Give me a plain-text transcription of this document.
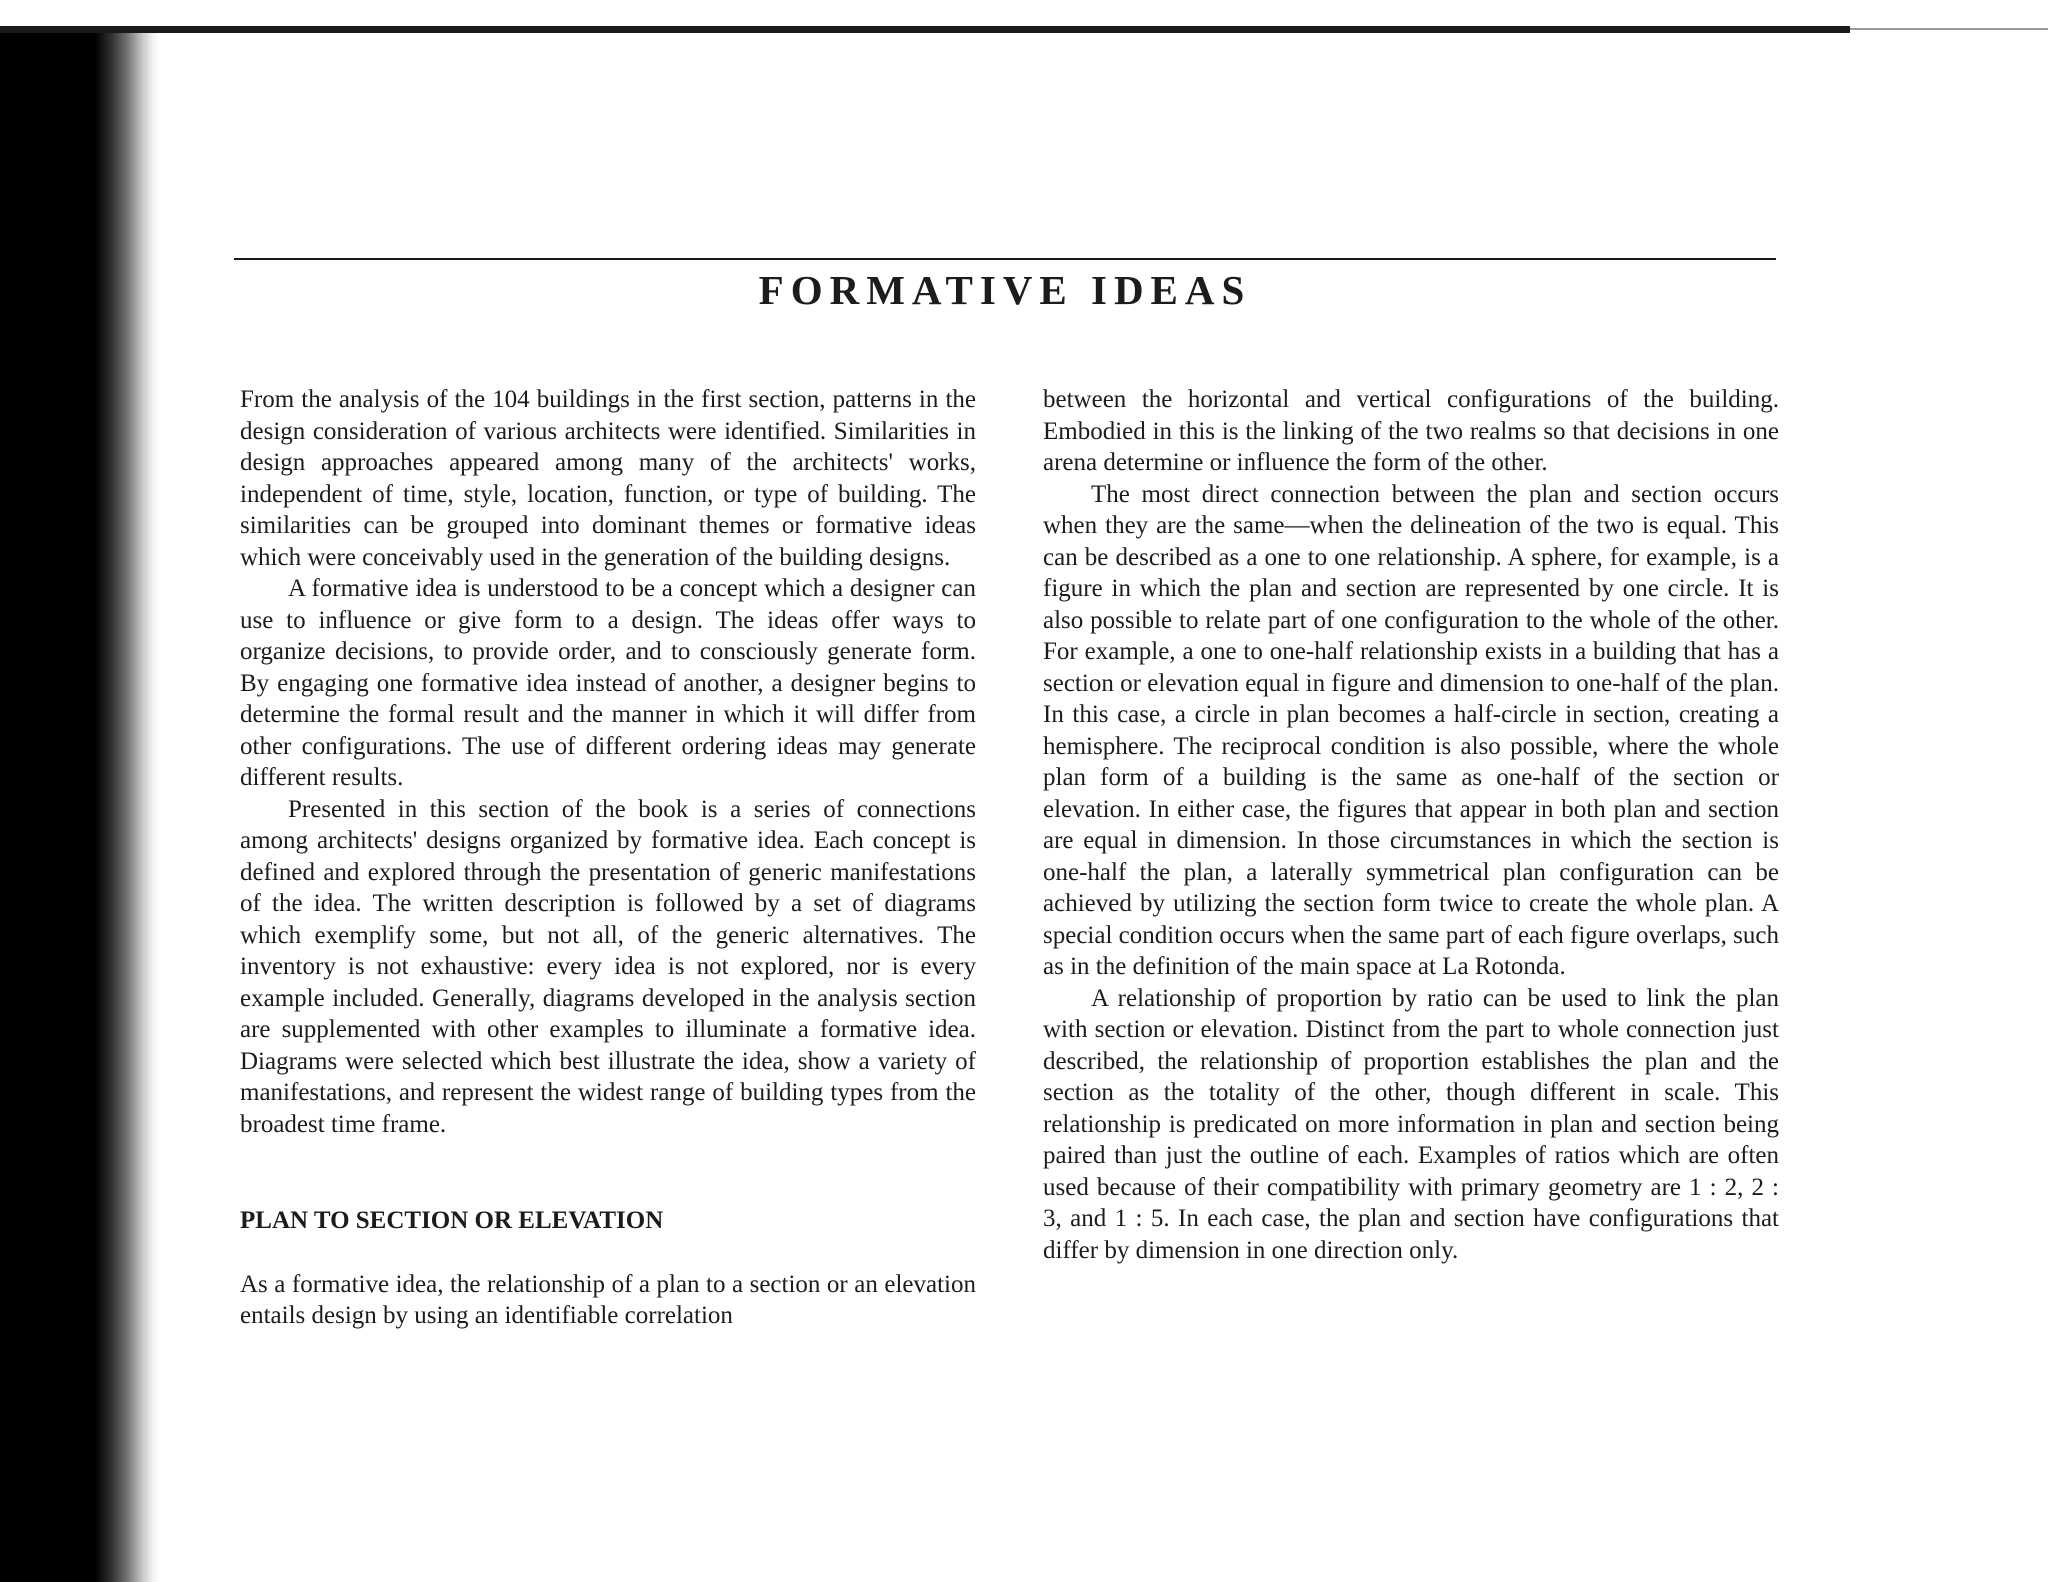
FORMATIVE IDEAS

From the analysis of the 104 buildings in the first section, patterns in the design consideration of various architects were identified. Similarities in design approaches appeared among many of the architects' works, independent of time, style, location, function, or type of building. The similarities can be grouped into dominant themes or formative ideas which were conceivably used in the generation of the building designs.

A formative idea is understood to be a concept which a designer can use to influence or give form to a design. The ideas offer ways to organize decisions, to provide order, and to consciously generate form. By engaging one formative idea instead of another, a designer begins to determine the formal result and the manner in which it will differ from other configurations. The use of different ordering ideas may generate different results.

Presented in this section of the book is a series of connections among architects' designs organized by formative idea. Each concept is defined and explored through the presentation of generic manifestations of the idea. The written description is followed by a set of diagrams which exemplify some, but not all, of the generic alternatives. The inventory is not exhaustive: every idea is not explored, nor is every example included. Generally, diagrams developed in the analysis section are supplemented with other examples to illuminate a formative idea. Diagrams were selected which best illustrate the idea, show a variety of manifestations, and represent the widest range of building types from the broadest time frame.

PLAN TO SECTION OR ELEVATION

As a formative idea, the relationship of a plan to a section or an elevation entails design by using an identifiable correlation

between the horizontal and vertical configurations of the building. Embodied in this is the linking of the two realms so that decisions in one arena determine or influence the form of the other.

The most direct connection between the plan and section occurs when they are the same—when the delineation of the two is equal. This can be described as a one to one relationship. A sphere, for example, is a figure in which the plan and section are represented by one circle. It is also possible to relate part of one configuration to the whole of the other. For example, a one to one-half relationship exists in a building that has a section or elevation equal in figure and dimension to one-half of the plan. In this case, a circle in plan becomes a half-circle in section, creating a hemisphere. The reciprocal condition is also possible, where the whole plan form of a building is the same as one-half of the section or elevation. In either case, the figures that appear in both plan and section are equal in dimension. In those circumstances in which the section is one-half the plan, a laterally symmetrical plan configuration can be achieved by utilizing the section form twice to create the whole plan. A special condition occurs when the same part of each figure overlaps, such as in the definition of the main space at La Rotonda.

A relationship of proportion by ratio can be used to link the plan with section or elevation. Distinct from the part to whole connection just described, the relationship of proportion establishes the plan and the section as the totality of the other, though different in scale. This relationship is predicated on more information in plan and section being paired than just the outline of each. Examples of ratios which are often used because of their compatibility with primary geometry are 1 : 2, 2 : 3, and 1 : 5. In each case, the plan and section have configurations that differ by dimension in one direction only.
